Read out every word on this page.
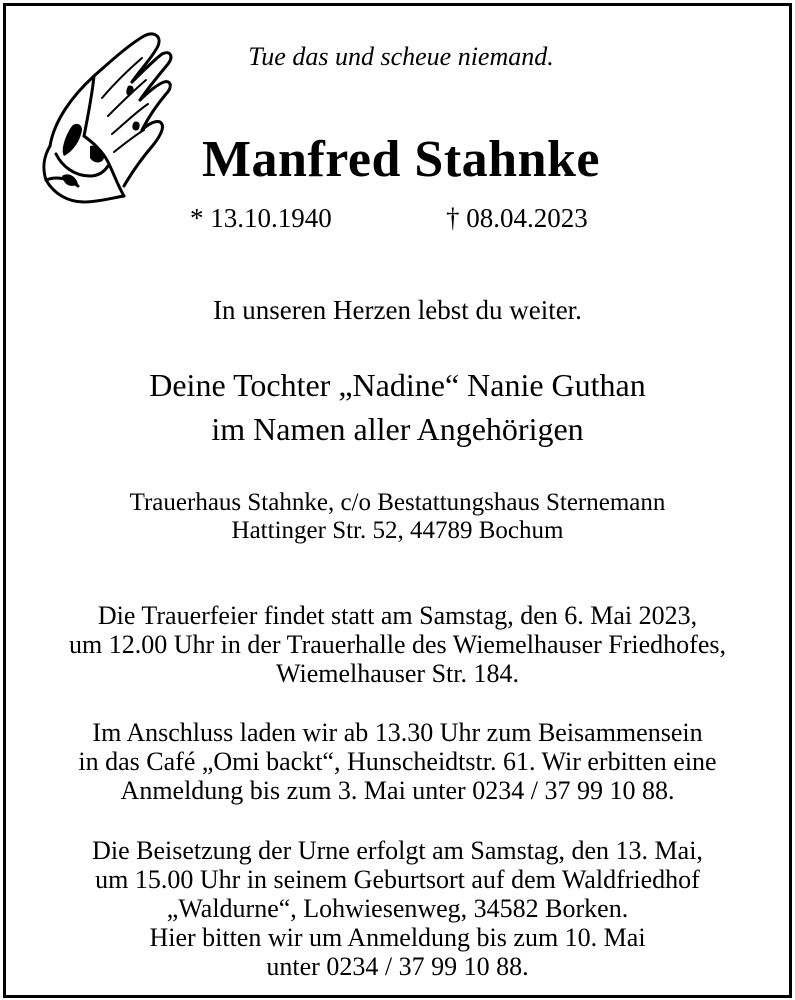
Tue das und scheue niemand.
Manfred Stahnke
* 13.10.1940	† 08.04.2023
In unseren Herzen lebst du weiter.
Deine Tochter „Nadine“ Nanie Guthan
im Namen aller Angehörigen
Trauerhaus Stahnke, c/o Bestattungshaus Sternemann
Hattinger Str. 52, 44789 Bochum
Die Trauerfeier findet statt am Samstag, den 6. Mai 2023,
um 12.00 Uhr in der Trauerhalle des Wiemelhauser Friedhofes,
Wiemelhauser Str. 184.
Im Anschluss laden wir ab 13.30 Uhr zum Beisammensein
in das Café „Omi backt“, Hunscheidtstr. 61. Wir erbitten eine
Anmeldung bis zum 3. Mai unter 0234 / 37 99 10 88.
Die Beisetzung der Urne erfolgt am Samstag, den 13. Mai,
um 15.00 Uhr in seinem Geburtsort auf dem Waldfriedhof
„Waldurne“, Lohwiesenweg, 34582 Borken.
Hier bitten wir um Anmeldung bis zum 10. Mai
unter 0234 / 37 99 10 88.
